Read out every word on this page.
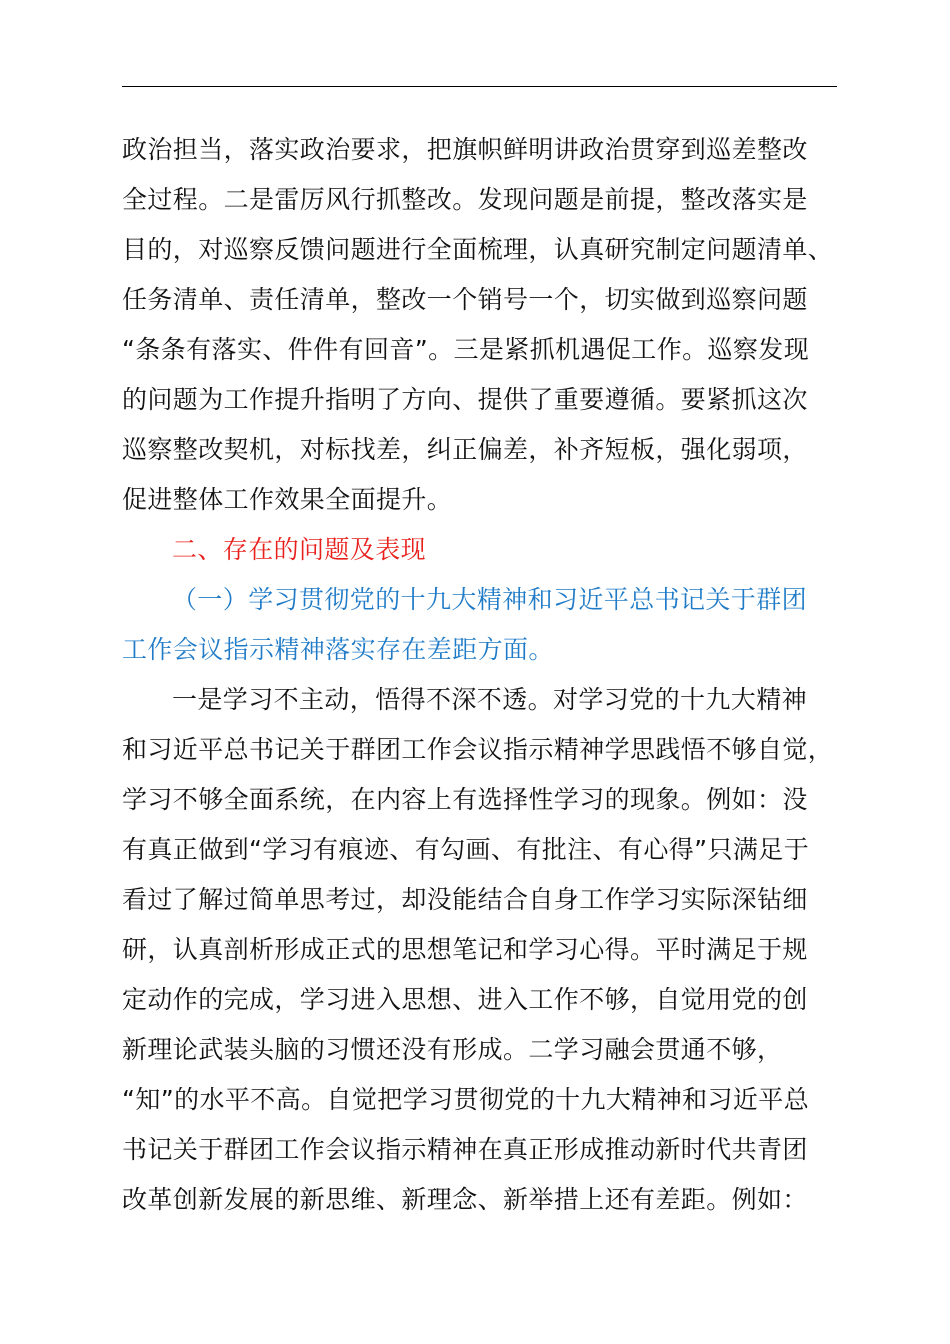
政治担当，落实政治要求，把旗帜鲜明讲政治贯穿到巡差整改
全过程。二是雷厉风行抓整改。发现问题是前提，整改落实是
目的，对巡察反馈问题进行全面梳理，认真研究制定问题清单、
任务清单、责任清单，整改一个销号一个，切实做到巡察问题
“条条有落实、件件有回音”。三是紧抓机遇促工作。巡察发现
的问题为工作提升指明了方向、提供了重要遵循。要紧抓这次
巡察整改契机，对标找差，纠正偏差，补齐短板，强化弱项，
促进整体工作效果全面提升。
二、存在的问题及表现
（一）学习贯彻党的十九大精神和习近平总书记关于群团
工作会议指示精神落实存在差距方面。
一是学习不主动，悟得不深不透。对学习党的十九大精神
和习近平总书记关于群团工作会议指示精神学思践悟不够自觉，
学习不够全面系统，在内容上有选择性学习的现象。例如：没
有真正做到“学习有痕迹、有勾画、有批注、有心得”只满足于
看过了解过简单思考过，却没能结合自身工作学习实际深钻细
研，认真剖析形成正式的思想笔记和学习心得。平时满足于规
定动作的完成，学习进入思想、进入工作不够，自觉用党的创
新理论武装头脑的习惯还没有形成。二学习融会贯通不够，
“知”的水平不高。自觉把学习贯彻党的十九大精神和习近平总
书记关于群团工作会议指示精神在真正形成推动新时代共青团
改革创新发展的新思维、新理念、新举措上还有差距。例如：
